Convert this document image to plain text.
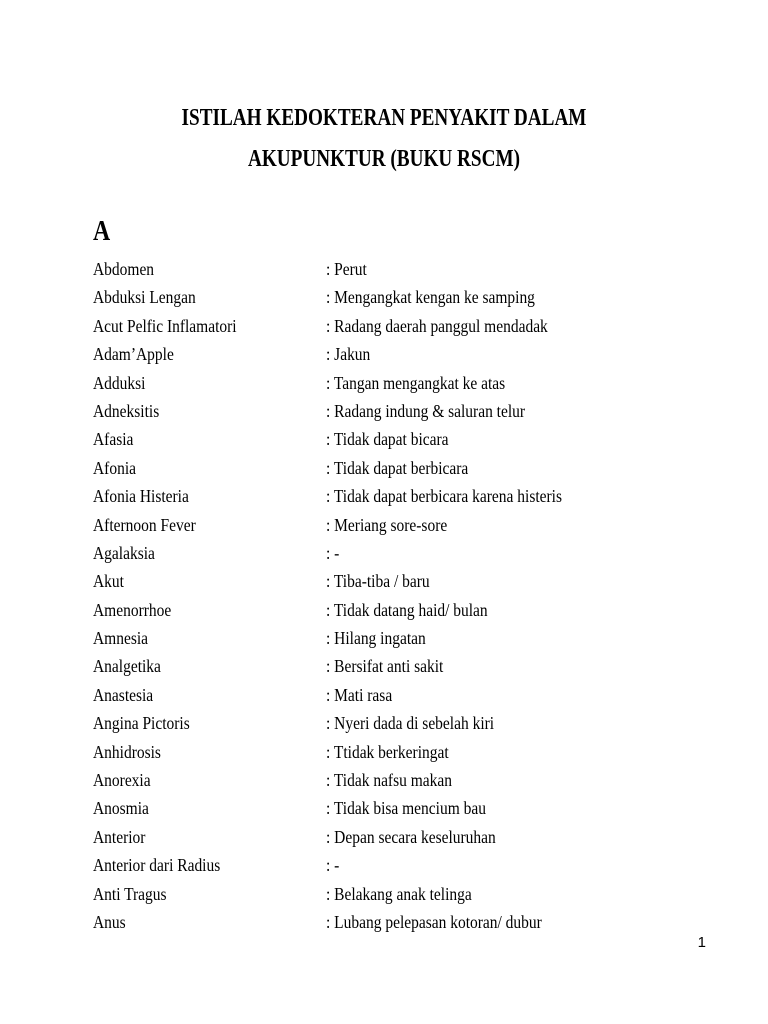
ISTILAH KEDOKTERAN PENYAKIT DALAM
AKUPUNKTUR (BUKU RSCM)
A
Abdomen	: Perut
Abduksi Lengan	: Mengangkat kengan ke samping
Acut Pelfic Inflamatori	: Radang daerah panggul mendadak
Adam’Apple	: Jakun
Adduksi	: Tangan mengangkat ke atas
Adneksitis	: Radang indung & saluran telur
Afasia	: Tidak dapat bicara
Afonia	: Tidak dapat berbicara
Afonia Histeria	: Tidak dapat berbicara karena histeris
Afternoon Fever	: Meriang sore-sore
Agalaksia	: -
Akut	: Tiba-tiba / baru
Amenorrhoe	: Tidak datang haid/ bulan
Amnesia	: Hilang ingatan
Analgetika	: Bersifat anti sakit
Anastesia	: Mati rasa
Angina Pictoris	: Nyeri dada di sebelah kiri
Anhidrosis	: Ttidak berkeringat
Anorexia	: Tidak nafsu makan
Anosmia	: Tidak bisa mencium bau
Anterior	: Depan secara keseluruhan
Anterior dari Radius	: -
Anti Tragus	: Belakang anak telinga
Anus	: Lubang pelepasan kotoran/ dubur
1
